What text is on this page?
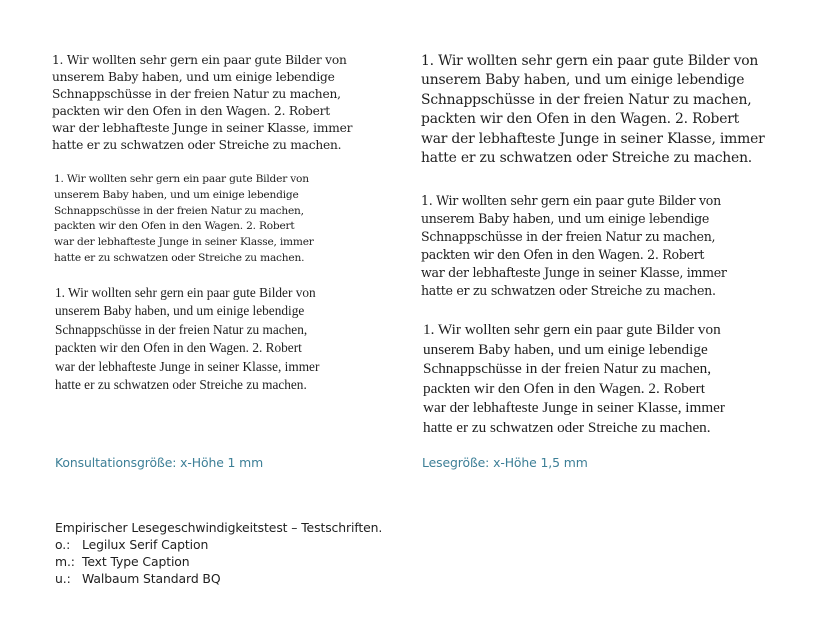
1. Wir wollten sehr gern ein paar gute Bilder von
unserem Baby haben, und um einige lebendige
Schnappschüsse in der freien Natur zu machen,
packten wir den Ofen in den Wagen. 2. Robert
war der lebhafteste Junge in seiner Klasse, immer
hatte er zu schwatzen oder Streiche zu machen.
1. Wir wollten sehr gern ein paar gute Bilder von
unserem Baby haben, und um einige lebendige
Schnappschüsse in der freien Natur zu machen,
packten wir den Ofen in den Wagen. 2. Robert
war der lebhafteste Junge in seiner Klasse, immer
hatte er zu schwatzen oder Streiche zu machen.
1. Wir wollten sehr gern ein paar gute Bilder von
unserem Baby haben, und um einige lebendige
Schnappschüsse in der freien Natur zu machen,
packten wir den Ofen in den Wagen. 2. Robert
war der lebhafteste Junge in seiner Klasse, immer
hatte er zu schwatzen oder Streiche zu machen.
1. Wir wollten sehr gern ein paar gute Bilder von
unserem Baby haben, und um einige lebendige
Schnappschüsse in der freien Natur zu machen,
packten wir den Ofen in den Wagen. 2. Robert
war der lebhafteste Junge in seiner Klasse, immer
hatte er zu schwatzen oder Streiche zu machen.
1. Wir wollten sehr gern ein paar gute Bilder von
unserem Baby haben, und um einige lebendige
Schnappschüsse in der freien Natur zu machen,
packten wir den Ofen in den Wagen. 2. Robert
war der lebhafteste Junge in seiner Klasse, immer
hatte er zu schwatzen oder Streiche zu machen.
1. Wir wollten sehr gern ein paar gute Bilder von
unserem Baby haben, und um einige lebendige
Schnappschüsse in der freien Natur zu machen,
packten wir den Ofen in den Wagen. 2. Robert
war der lebhafteste Junge in seiner Klasse, immer
hatte er zu schwatzen oder Streiche zu machen.
Konsultationsgröße: x-Höhe 1 mm	Lesegröße: x-Höhe 1,5 mm
Empirischer Lesegeschwindigkeitstest – Testschriften.
o.: Legilux Serif Caption
m.: Text Type Caption
u.: Walbaum Standard BQ
